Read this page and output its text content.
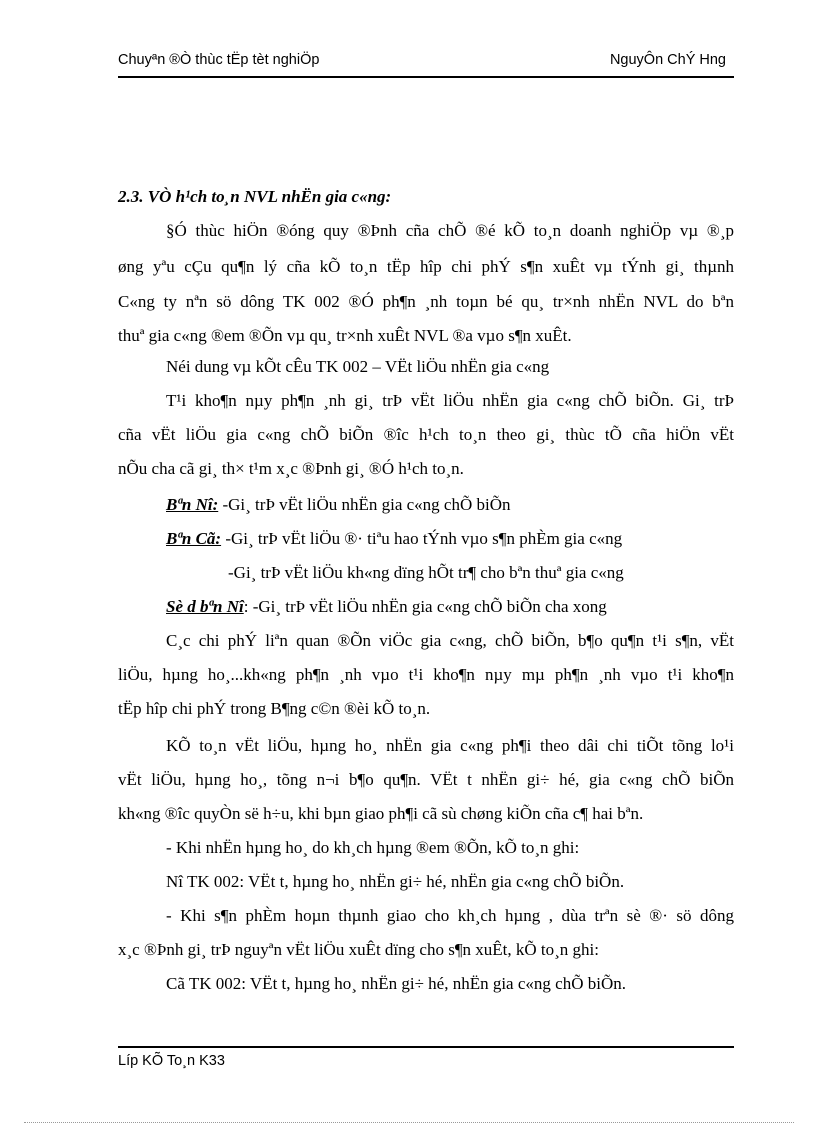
Chuyªn ®Ò thùc tËp tèt nghiÖp	NguyÔn ChÝ Hng
2.3. VÒ h¹ch to¸n NVL nhËn gia c«ng:
§Ó thùc hiÖn ®óng quy ®Þnh cña chÕ ®é kÕ to¸n doanh nghiÖp vµ ®¸p
øng yªu cÇu qu¶n lý cña kÕ to¸n tËp hîp chi phÝ s¶n xuÊt vµ tÝnh gi¸ thµnh
C«ng ty nªn sö dông TK 002 ®Ó ph¶n ¸nh toµn bé qu¸ tr×nh nhËn NVL do bªn
thuª gia c«ng ®em ®Õn vµ qu¸ tr×nh xuÊt NVL ®a vµo s¶n xuÊt.
Néi dung vµ kÕt cÊu TK 002 – VËt liÖu nhËn gia c«ng
T¹i kho¶n nµy ph¶n ¸nh gi¸ trÞ vËt liÖu nhËn gia c«ng chÕ biÕn. Gi¸ trÞ
cña vËt liÖu gia c«ng chÕ biÕn ®îc h¹ch to¸n theo gi¸ thùc tÕ cña hiÖn vËt
nÕu cha cã gi¸ th× t¹m x¸c ®Þnh gi¸ ®Ó h¹ch to¸n.
Bªn Nî: -Gi¸ trÞ vËt liÖu nhËn gia c«ng chÕ biÕn
Bªn Cã: -Gi¸ trÞ vËt liÖu ®· tiªu hao tÝnh vµo s¶n phÈm gia c«ng
-Gi¸ trÞ vËt liÖu kh«ng dïng hÕt tr¶ cho bªn thuª gia c«ng
Sè d bªn Nî: -Gi¸ trÞ vËt liÖu nhËn gia c«ng chÕ biÕn cha xong
C¸c chi phÝ liªn quan ®Õn viÖc gia c«ng, chÕ biÕn, b¶o qu¶n t¹i s¶n, vËt
liÖu, hµng ho¸...kh«ng ph¶n ¸nh vµo t¹i kho¶n nµy mµ ph¶n ¸nh vµo t¹i kho¶n
tËp hîp chi phÝ trong B¶ng c©n ®èi kÕ to¸n.
KÕ to¸n vËt liÖu, hµng ho¸ nhËn gia c«ng ph¶i theo dâi chi tiÕt tõng lo¹i
vËt liÖu, hµng ho¸, tõng n¬i b¶o qu¶n. VËt t nhËn gi÷ hé, gia c«ng chÕ biÕn
kh«ng ®îc quyÒn së h÷u, khi bµn giao ph¶i cã sù chøng kiÕn cña c¶ hai bªn.
- Khi nhËn hµng ho¸ do kh¸ch hµng ®em ®Õn, kÕ to¸n ghi:
Nî TK 002: VËt t, hµng ho¸ nhËn gi÷ hé, nhËn gia c«ng chÕ biÕn.
- Khi s¶n phÈm hoµn thµnh giao cho kh¸ch hµng , dùa trªn sè ®· sö dông
x¸c ®Þnh gi¸ trÞ nguyªn vËt liÖu xuÊt dïng cho s¶n xuÊt, kÕ to¸n ghi:
Cã TK 002: VËt t, hµng ho¸ nhËn gi÷ hé, nhËn gia c«ng chÕ biÕn.
Líp KÕ To¸n K33
